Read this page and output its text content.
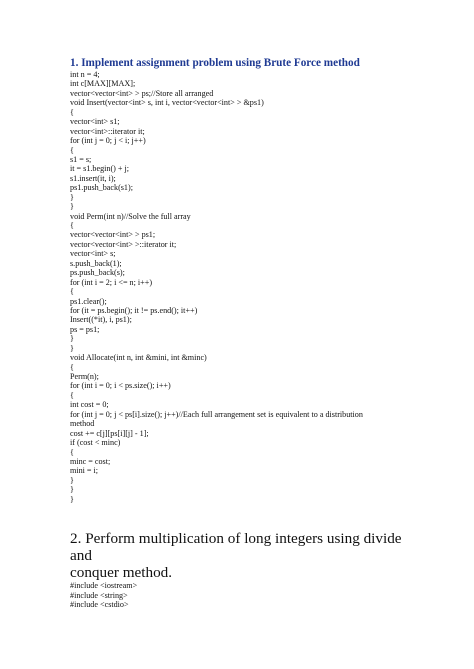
1. Implement assignment problem using Brute Force method
int n = 4;
int c[MAX][MAX];
vector<vector<int> > ps;//Store all arranged
void Insert(vector<int> s, int i, vector<vector<int> > &ps1)
{
vector<int> s1;
vector<int>::iterator it;
for (int j = 0; j < i; j++)
{
s1 = s;
it = s1.begin() + j;
s1.insert(it, i);
ps1.push_back(s1);
}
}
void Perm(int n)//Solve the full array
{
vector<vector<int> > ps1;
vector<vector<int> >::iterator it;
vector<int> s;
s.push_back(1);
ps.push_back(s);
for (int i = 2; i <= n; i++)
{
ps1.clear();
for (it = ps.begin(); it != ps.end(); it++)
Insert((*it), i, ps1);
ps = ps1;
}
}
void Allocate(int n, int &mini, int &minc)
{
Perm(n);
for (int i = 0; i < ps.size(); i++)
{
int cost = 0;
for (int j = 0; j < ps[i].size(); j++)//Each full arrangement set is equivalent to a distribution
method
cost += c[j][ps[i][j] - 1];
if (cost < minc)
{
minc = cost;
mini = i;
}
}
}
2. Perform multiplication of long integers using divide
and
conquer method.
#include <iostream>
#include <string>
#include <cstdio>
